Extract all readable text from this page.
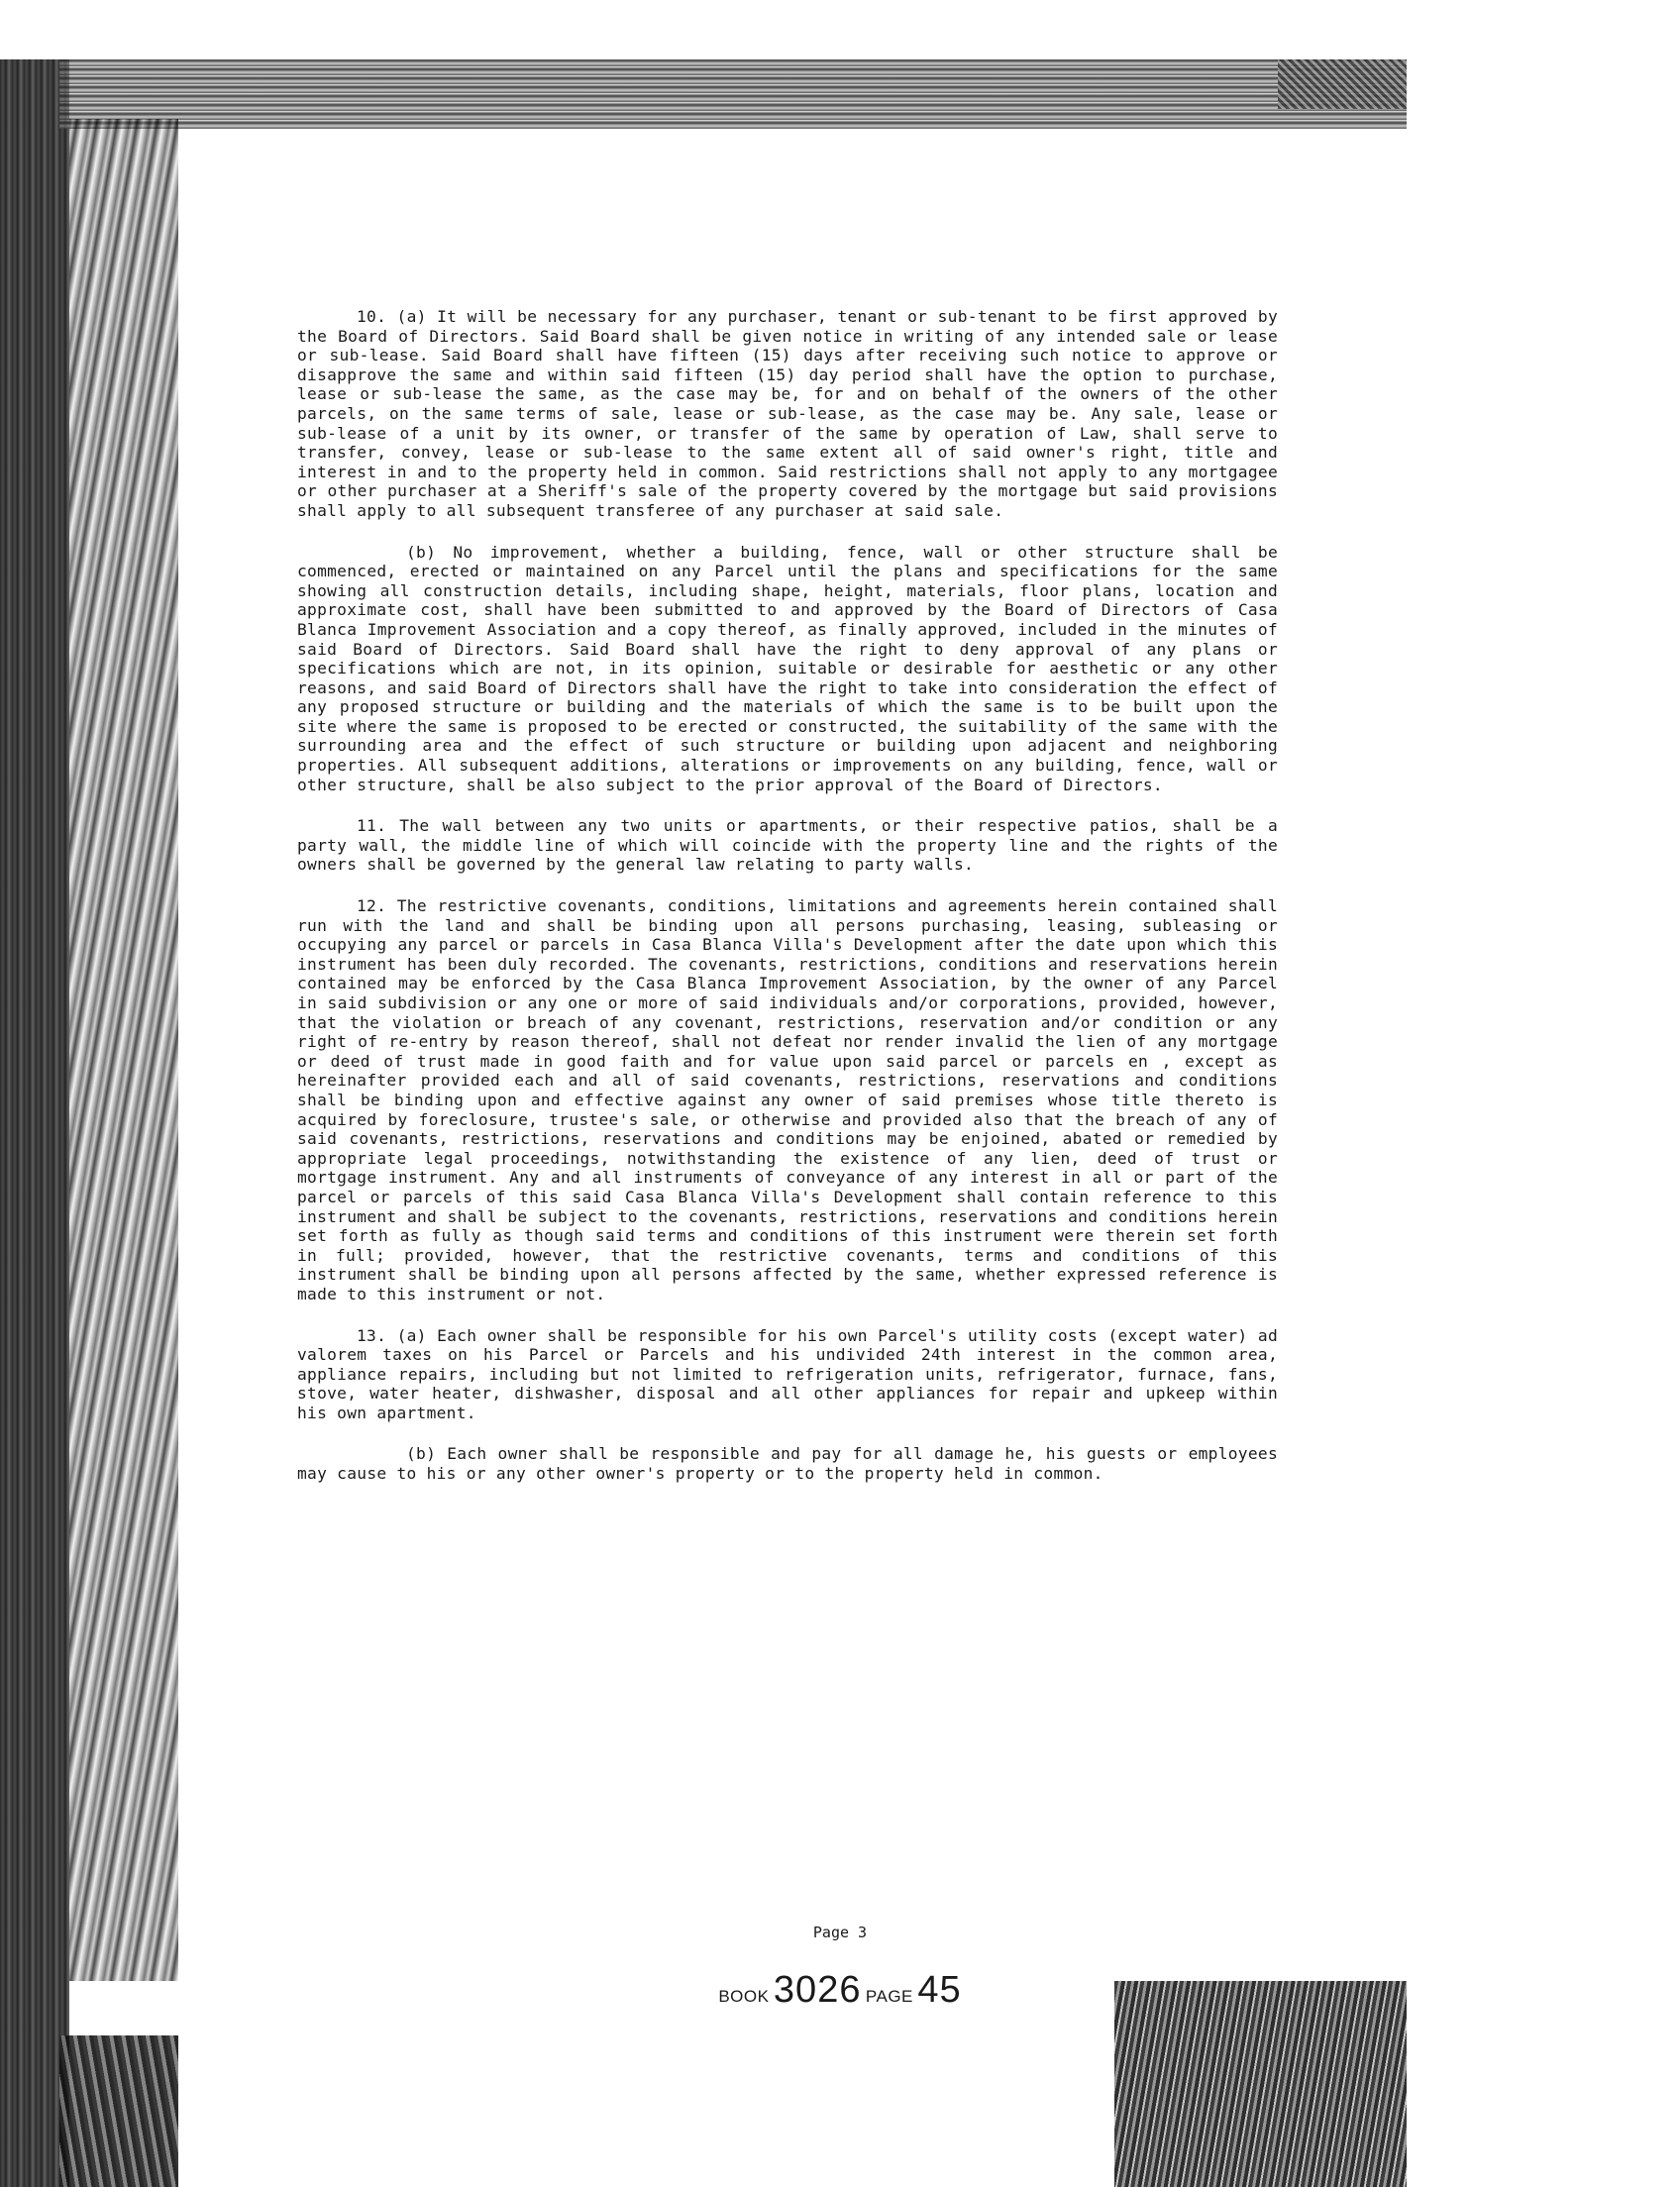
10. (a) It will be necessary for any purchaser, tenant or sub-tenant to be first approved by the Board of Directors. Said Board shall be given notice in writing of any intended sale or lease or sub-lease. Said Board shall have fifteen (15) days after receiving such notice to approve or disapprove the same and within said fifteen (15) day period shall have the option to purchase, lease or sub-lease the same, as the case may be, for and on behalf of the owners of the other parcels, on the same terms of sale, lease or sub-lease, as the case may be. Any sale, lease or sub-lease of a unit by its owner, or transfer of the same by operation of Law, shall serve to transfer, convey, lease or sub-lease to the same extent all of said owner's right, title and interest in and to the property held in common. Said restrictions shall not apply to any mortgagee or other purchaser at a Sheriff's sale of the property covered by the mortgage but said provisions shall apply to all subsequent transferee of any purchaser at said sale.

(b) No improvement, whether a building, fence, wall or other structure shall be commenced, erected or maintained on any Parcel until the plans and specifications for the same showing all construction details, including shape, height, materials, floor plans, location and approximate cost, shall have been submitted to and approved by the Board of Directors of Casa Blanca Improvement Association and a copy thereof, as finally approved, included in the minutes of said Board of Directors. Said Board shall have the right to deny approval of any plans or specifications which are not, in its opinion, suitable or desirable for aesthetic or any other reasons, and said Board of Directors shall have the right to take into consideration the effect of any proposed structure or building and the materials of which the same is to be built upon the site where the same is proposed to be erected or constructed, the suitability of the same with the surrounding area and the effect of such structure or building upon adjacent and neighboring properties. All subsequent additions, alterations or improvements on any building, fence, wall or other structure, shall be also subject to the prior approval of the Board of Directors.

11. The wall between any two units or apartments, or their respective patios, shall be a party wall, the middle line of which will coincide with the property line and the rights of the owners shall be governed by the general law relating to party walls.

12. The restrictive covenants, conditions, limitations and agreements herein contained shall run with the land and shall be binding upon all persons purchasing, leasing, subleasing or occupying any parcel or parcels in Casa Blanca Villa's Development after the date upon which this instrument has been duly recorded. The covenants, restrictions, conditions and reservations herein contained may be enforced by the Casa Blanca Improvement Association, by the owner of any Parcel in said subdivision or any one or more of said individuals and/or corporations, provided, however, that the violation or breach of any covenant, restrictions, reservation and/or condition or any right of re-entry by reason thereof, shall not defeat nor render invalid the lien of any mortgage or deed of trust made in good faith and for value upon said parcel or parcels en , except as hereinafter provided each and all of said covenants, restrictions, reservations and conditions shall be binding upon and effective against any owner of said premises whose title thereto is acquired by foreclosure, trustee's sale, or otherwise and provided also that the breach of any of said covenants, restrictions, reservations and conditions may be enjoined, abated or remedied by appropriate legal proceedings, notwithstanding the existence of any lien, deed of trust or mortgage instrument. Any and all instruments of conveyance of any interest in all or part of the parcel or parcels of this said Casa Blanca Villa's Development shall contain reference to this instrument and shall be subject to the covenants, restrictions, reservations and conditions herein set forth as fully as though said terms and conditions of this instrument were therein set forth in full; provided, however, that the restrictive covenants, terms and conditions of this instrument shall be binding upon all persons affected by the same, whether expressed reference is made to this instrument or not.

13. (a) Each owner shall be responsible for his own Parcel's utility costs (except water) ad valorem taxes on his Parcel or Parcels and his undivided 24th interest in the common area, appliance repairs, including but not limited to refrigeration units, refrigerator, furnace, fans, stove, water heater, dishwasher, disposal and all other appliances for repair and upkeep within his own apartment.

(b) Each owner shall be responsible and pay for all damage he, his guests or employees may cause to his or any other owner's property or to the property held in common.

Page 3
BOOK 3026 PAGE 45
